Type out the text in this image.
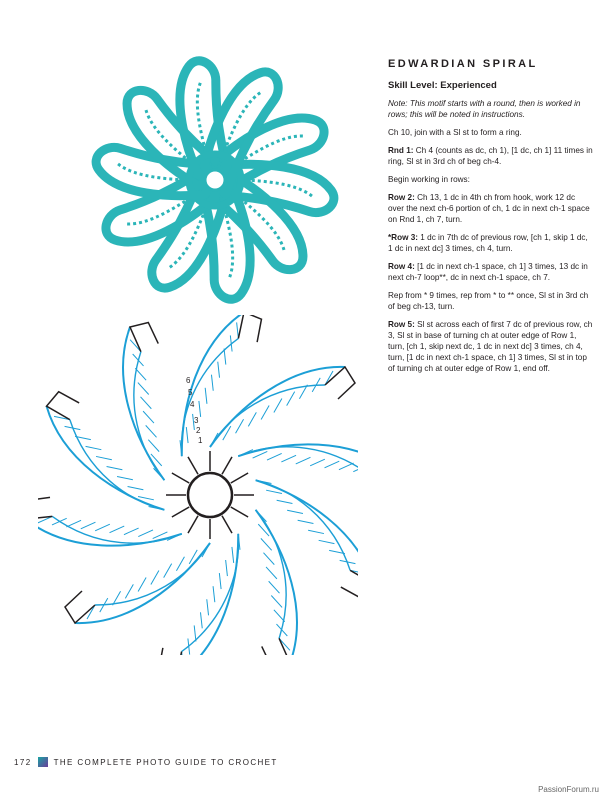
1
2
3
4
5
6
EDWARDIAN SPIRAL
Skill Level: Experienced
Note: This motif starts with a round, then is worked in rows; this will be noted in instructions.
Ch 10, join with a Sl st to form a ring.
Rnd 1: Ch 4 (counts as dc, ch 1), [1 dc, ch 1] 11 times in ring, Sl st in 3rd ch of beg ch-4.
Begin working in rows:
Row 2: Ch 13, 1 dc in 4th ch from hook, work 12 dc over the next ch-6 portion of ch, 1 dc in next ch-1 space on Rnd 1, ch 7, turn.
*Row 3: 1 dc in 7th dc of previous row, [ch 1, skip 1 dc, 1 dc in next dc] 3 times, ch 4, turn.
Row 4: [1 dc in next ch-1 space, ch 1] 3 times, 13 dc in next ch-7 loop**, dc in next ch-1 space, ch 7.
Rep from * 9 times, rep from * to ** once, Sl st in 3rd ch of beg ch-13, turn.
Row 5: Sl st across each of first 7 dc of previous row, ch 3, Sl st in base of turning ch at outer edge of Row 1, turn, [ch 1, skip next dc, 1 dc in next dc] 3 times, ch 4, turn, [1 dc in next ch-1 space, ch 1] 3 times, Sl st in top of turning ch at outer edge of Row 1, end off.
172	THE COMPLETE PHOTO GUIDE TO CROCHET
PassionForum.ru
